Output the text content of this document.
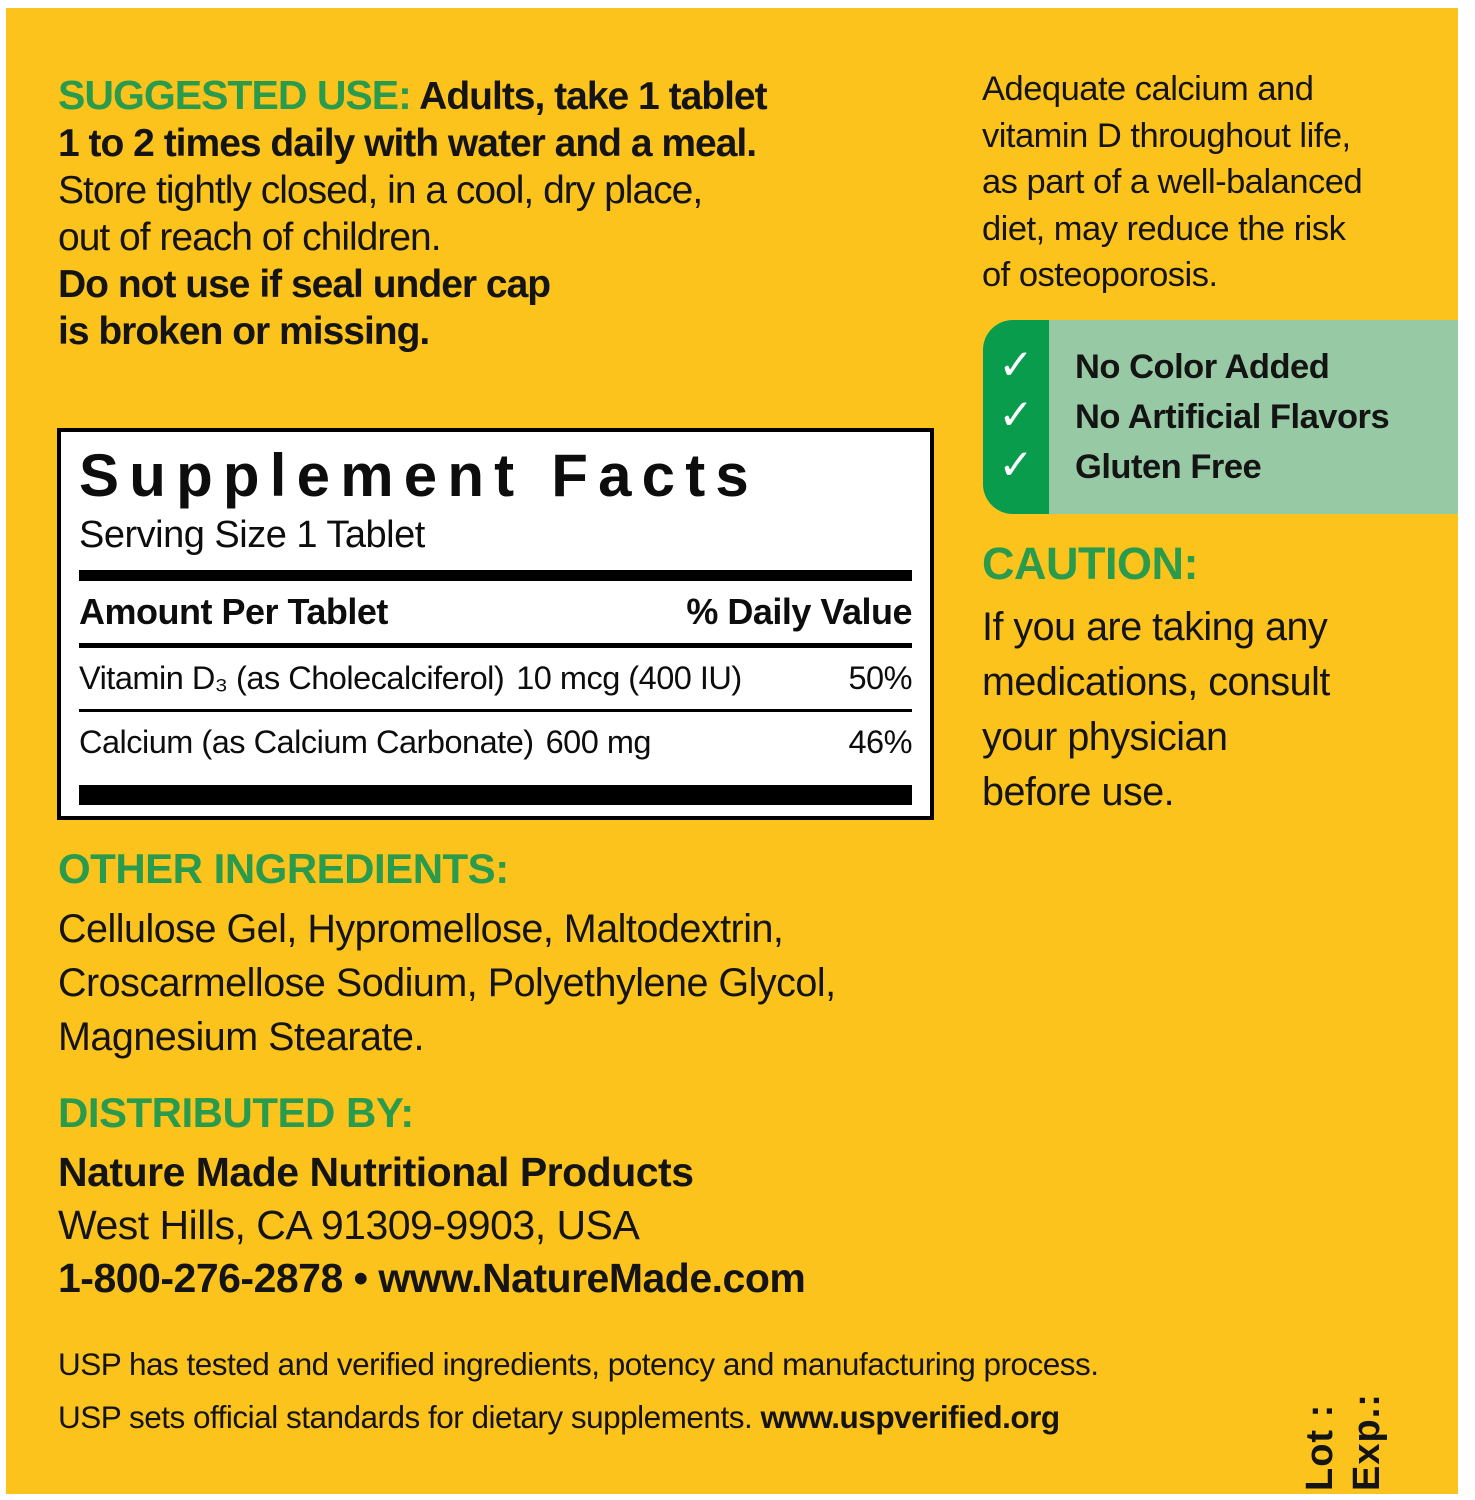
SUGGESTED USE: Adults, take 1 tablet

1 to 2 times daily with water and a meal.

Store tightly closed, in a cool, dry place,

out of reach of children.

Do not use if seal under cap

is broken or missing.

Adequate calcium and

vitamin D throughout life,

as part of a well-balanced

diet, may reduce the risk

of osteoporosis.

✓	No Color Added
✓	No Artificial Flavors
✓	Gluten Free
CAUTION:

If you are taking any

medications, consult

your physician

before use.

Supplement Facts
Serving Size 1 Tablet
Amount Per Tablet	% Daily Value
Vitamin D₃ (as Cholecalciferol) 10 mcg (400 IU)	50%
Calcium (as Calcium Carbonate) 600 mg	46%
OTHER INGREDIENTS:

Cellulose Gel, Hypromellose, Maltodextrin,

Croscarmellose Sodium, Polyethylene Glycol,

Magnesium Stearate.

DISTRIBUTED BY:

Nature Made Nutritional Products

West Hills, CA 91309-9903, USA

1-800-276-2878 • www.NatureMade.com

USP has tested and verified ingredients, potency and manufacturing process.

USP sets official standards for dietary supplements. www.uspverified.org	Lot : Exp.:
